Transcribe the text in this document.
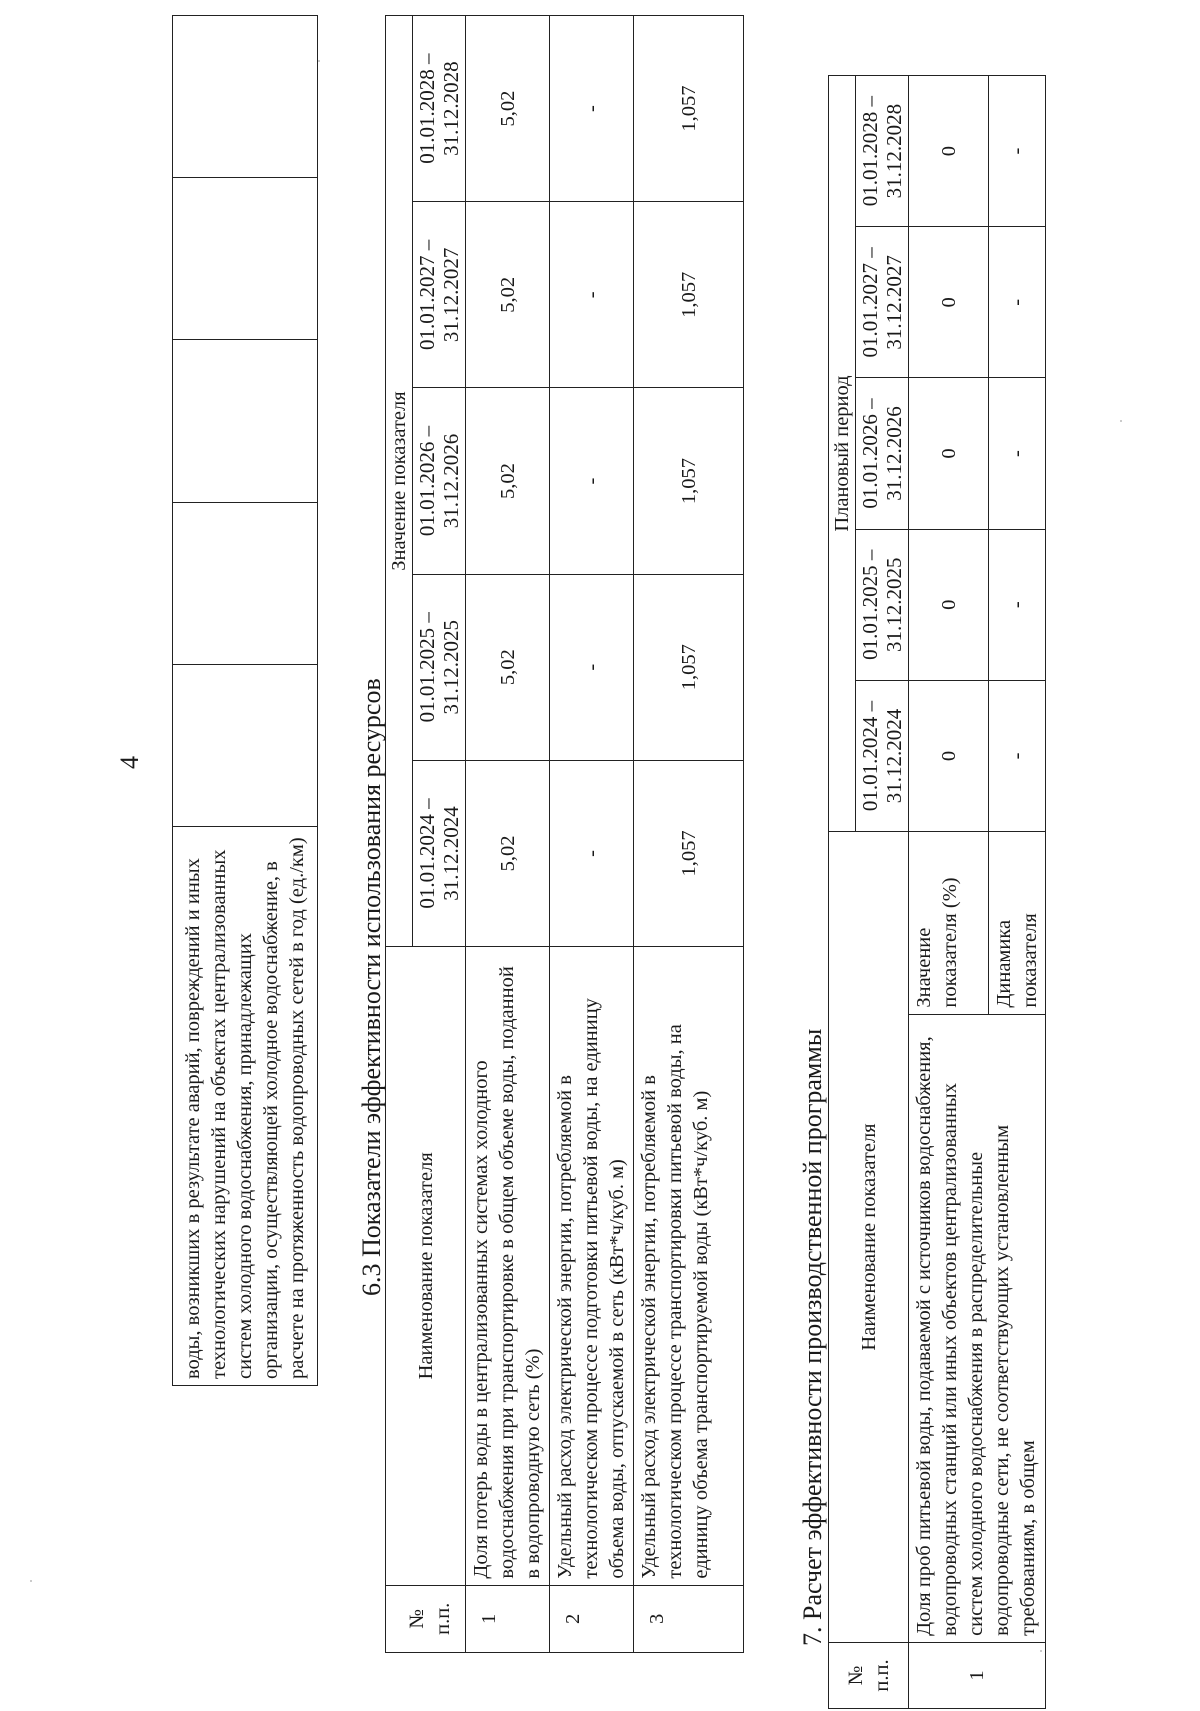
4
воды, возникших в результате аварий, повреждений и иных технологических нарушений на объектах централизованных систем холодного водоснабжения, принадлежащих организации, осуществляющей холодное водоснабжение, в расчете на протяженность водопроводных сетей в год (ед./км)					6.3 Показатели эффективности использования ресурсов
№ п.п.	Наименование показателя	Значение показателя				
		01.01.2024 – 31.12.2024	01.01.2025 – 31.12.2025	01.01.2026 – 31.12.2026	01.01.2027 – 31.12.2027	01.01.2028 – 31.12.2028
1	Доля потерь воды в централизованных системах холодного водоснабжения при транспортировке в общем объеме воды, поданной в водопроводную сеть (%)	5,02	5,02	5,02	5,02	5,02
2	Удельный расход электрической энергии, потребляемой в технологическом процессе подготовки питьевой воды, на единицу объема воды, отпускаемой в сеть (кВт*ч/куб. м)	-	-	-	-	-
3	Удельный расход электрической энергии, потребляемой в технологическом процессе транспортировки питьевой воды, на единицу объема транспортируемой воды (кВт*ч/куб. м)	1,057	1,057	1,057	1,057	1,057
7. Расчет эффективности производственной программы
№ п.п.	Наименование показателя		Плановый период				
			01.01.2024 – 31.12.2024	01.01.2025 – 31.12.2025	01.01.2026 – 31.12.2026	01.01.2027 – 31.12.2027	01.01.2028 – 31.12.2028
1	Доля проб питьевой воды, подаваемой с источников водоснабжения, водопроводных станций или иных объектов централизованных систем холодного водоснабжения в распределительные водопроводные сети, не соответствующих установленным требованиям, в общем	Значение показателя (%)	0	0	0	0	0
		Динамика показателя	-	-	-	-	-
